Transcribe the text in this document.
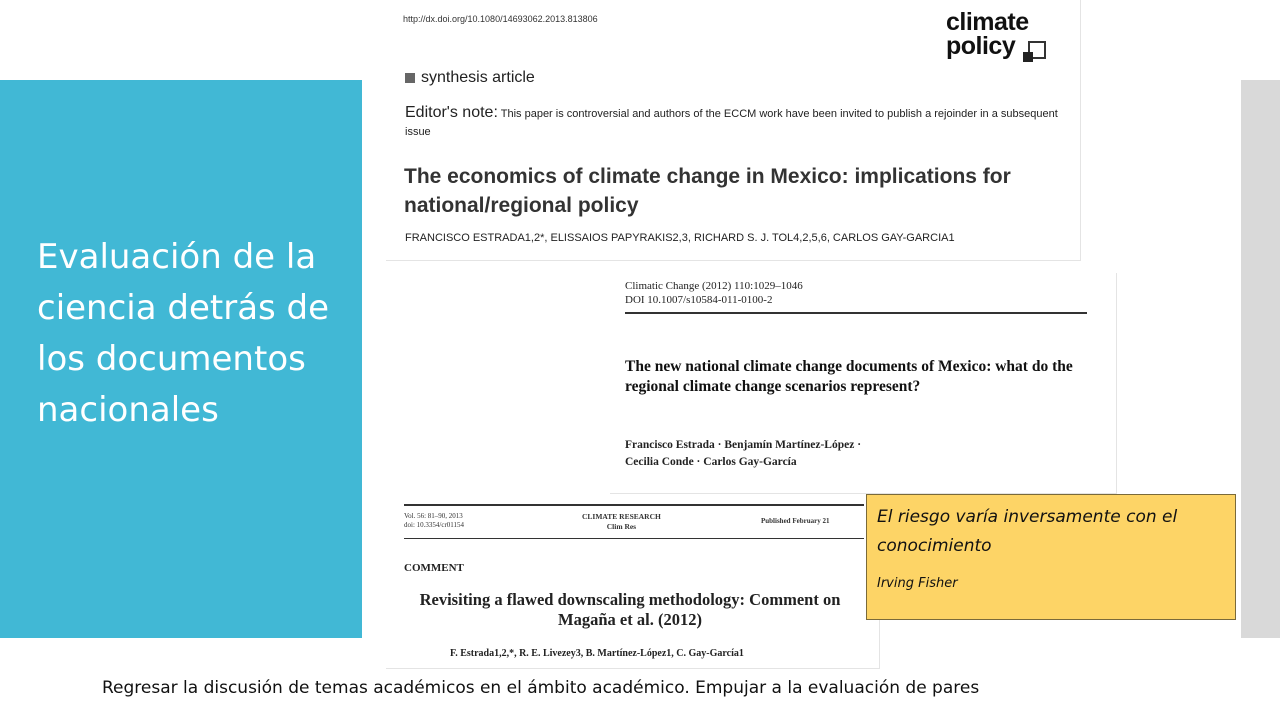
Evaluación de la ciencia detrás de los documentos nacionales
http://dx.doi.org/10.1080/14693062.2013.813806	climate
policy
synthesis article
Editor's note: This paper is controversial and authors of the ECCM work have been invited to publish a rejoinder in a subsequent issue
The economics of climate change in Mexico: implications for national/regional policy
FRANCISCO ESTRADA1,2*, ELISSAIOS PAPYRAKIS2,3, RICHARD S. J. TOL4,2,5,6, CARLOS GAY-GARCIA1
Climatic Change (2012) 110:1029–1046
DOI 10.1007/s10584-011-0100-2
The new national climate change documents of Mexico: what do the regional climate change scenarios represent?
Francisco Estrada · Benjamín Martínez-López ·
Cecilia Conde · Carlos Gay-García
Vol. 56: 81–90, 2013
doi: 10.3354/cr01154
CLIMATE RESEARCH
Clim Res
Published February 21
COMMENT
Revisiting a flawed downscaling methodology: Comment on Magaña et al. (2012)
F. Estrada1,2,*, R. E. Livezey3, B. Martínez-López1, C. Gay-García1
El riesgo varía inversamente con el conocimiento
Irving Fisher
Regresar la discusión de temas académicos en el ámbito académico. Empujar a la evaluación de pares
